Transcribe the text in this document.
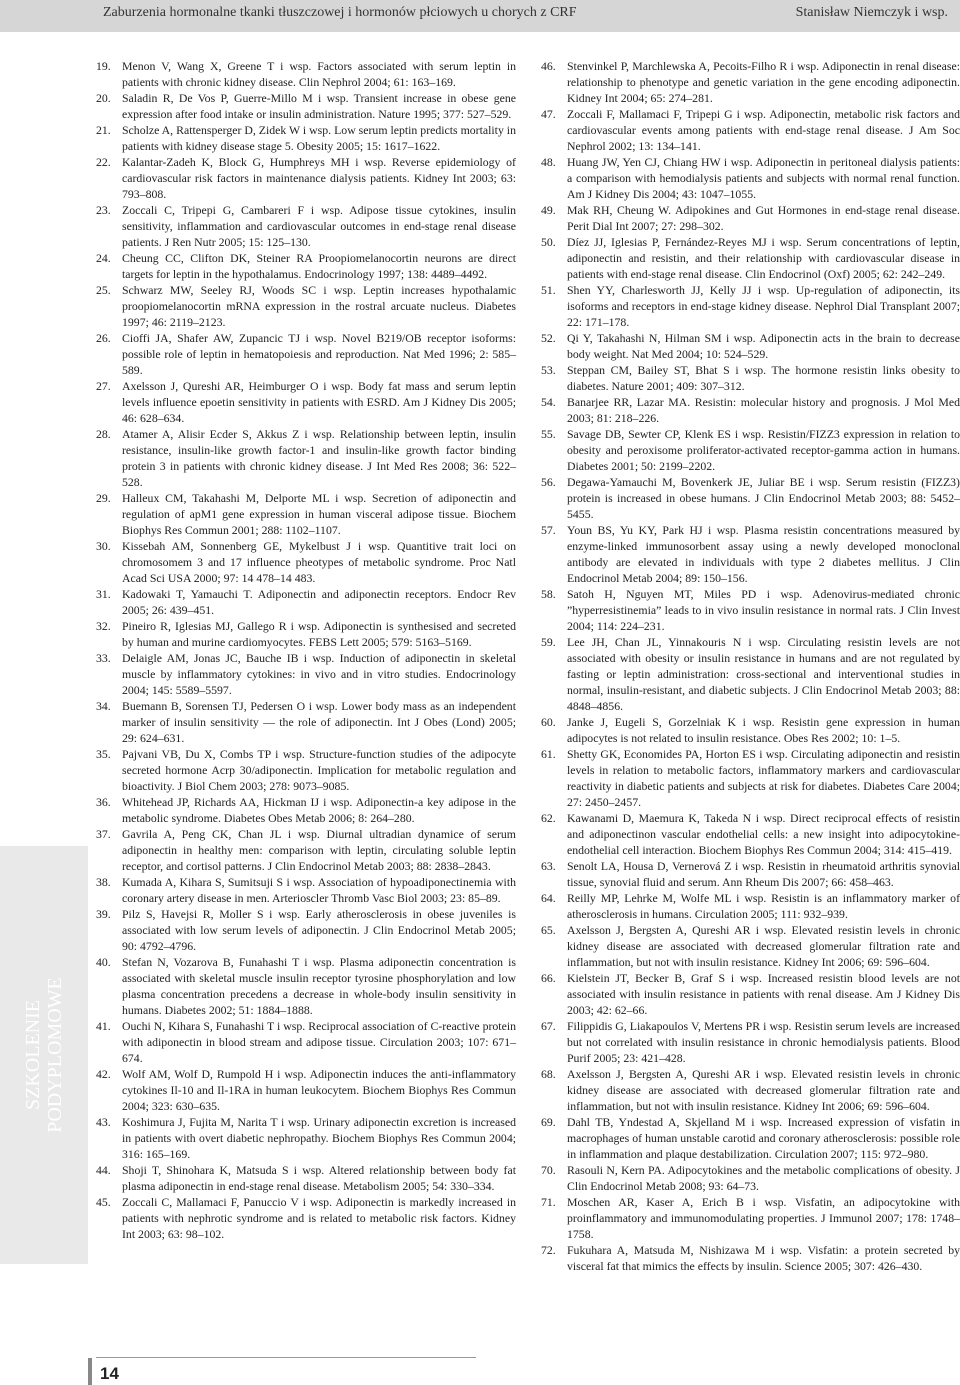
Zaburzenia hormonalne tkanki tłuszczowej i hormonów płciowych u chorych z CRF	Stanisław Niemczyk i wsp.
19. Menon V, Wang X, Greene T i wsp. Factors associated with serum leptin in patients with chronic kidney disease. Clin Nephrol 2004; 61: 163–169.
20. Saladin R, De Vos P, Guerre-Millo M i wsp. Transient increase in obese gene expression after food intake or insulin administration. Nature 1995; 377: 527–529.
21. Scholze A, Rattensperger D, Zidek W i wsp. Low serum leptin predicts mortality in patients with kidney disease stage 5. Obesity 2005; 15: 1617–1622.
22. Kalantar-Zadeh K, Block G, Humphreys MH i wsp. Reverse epidemiology of cardiovascular risk factors in maintenance dialysis patients. Kidney Int 2003; 63: 793–808.
23. Zoccali C, Tripepi G, Cambareri F i wsp. Adipose tissue cytokines, insulin sensitivity, inflammation and cardiovascular outcomes in end-stage renal disease patients. J Ren Nutr 2005; 15: 125–130.
24. Cheung CC, Clifton DK, Steiner RA Proopiomelanocortin neurons are direct targets for leptin in the hypothalamus. Endocrinology 1997; 138: 4489–4492.
25. Schwarz MW, Seeley RJ, Woods SC i wsp. Leptin increases hypothalamic proopiomelanocortin mRNA expression in the rostral arcuate nucleus. Diabetes 1997; 46: 2119–2123.
26. Cioffi JA, Shafer AW, Zupancic TJ i wsp. Novel B219/OB receptor isoforms: possible role of leptin in hematopoiesis and reproduction. Nat Med 1996; 2: 585–589.
27. Axelsson J, Qureshi AR, Heimburger O i wsp. Body fat mass and serum leptin levels influence epoetin sensitivity in patients with ESRD. Am J Kidney Dis 2005; 46: 628–634.
28. Atamer A, Alisir Ecder S, Akkus Z i wsp. Relationship between leptin, insulin resistance, insulin-like growth factor-1 and insulin-like growth factor binding protein 3 in patients with chronic kidney disease. J Int Med Res 2008; 36: 522–528.
29. Halleux CM, Takahashi M, Delporte ML i wsp. Secretion of adiponectin and regulation of apM1 gene expression in human visceral adipose tissue. Biochem Biophys Res Commun 2001; 288: 1102–1107.
30. Kissebah AM, Sonnenberg GE, Mykelbust J i wsp. Quantitive trait loci on chromosomem 3 and 17 influence pheotypes of metabolic syndrome. Proc Natl Acad Sci USA 2000; 97: 14 478–14 483.
31. Kadowaki T, Yamauchi T. Adiponectin and adiponectin receptors. Endocr Rev 2005; 26: 439–451.
32. Pineiro R, Iglesias MJ, Gallego R i wsp. Adiponectin is synthesised and secreted by human and murine cardiomyocytes. FEBS Lett 2005; 579: 5163–5169.
33. Delaigle AM, Jonas JC, Bauche IB i wsp. Induction of adiponectin in skeletal muscle by inflammatory cytokines: in vivo and in vitro studies. Endocrinology 2004; 145: 5589–5597.
34. Buemann B, Sorensen TJ, Pedersen O i wsp. Lower body mass as an independent marker of insulin sensitivity — the role of adiponectin. Int J Obes (Lond) 2005; 29: 624–631.
35. Pajvani VB, Du X, Combs TP i wsp. Structure-function studies of the adipocyte secreted hormone Acrp 30/adiponectin. Implication for metabolic regulation and bioactivity. J Biol Chem 2003; 278: 9073–9085.
36. Whitehead JP, Richards AA, Hickman IJ i wsp. Adiponectin-a key adipose in the metabolic syndrome. Diabetes Obes Metab 2006; 8: 264–280.
37. Gavrila A, Peng CK, Chan JL i wsp. Diurnal ultradian dynamice of serum adiponectin in healthy men: comparison with leptin, circulating soluble leptin receptor, and cortisol patterns. J Clin Endocrinol Metab 2003; 88: 2838–2843.
38. Kumada A, Kihara S, Sumitsuji S i wsp. Association of hypoadiponectinemia with coronary artery disease in men. Arterioscler Thromb Vasc Biol 2003; 23: 85–89.
39. Pilz S, Havejsi R, Moller S i wsp. Early atherosclerosis in obese juveniles is associated with low serum levels of adiponectin. J Clin Endocrinol Metab 2005; 90: 4792–4796.
40. Stefan N, Vozarova B, Funahashi T i wsp. Plasma adiponectin concentration is associated with skeletal muscle insulin receptor tyrosine phosphorylation and low plasma concentration precedens a decrease in whole-body insulin sensitivity in humans. Diabetes 2002; 51: 1884–1888.
41. Ouchi N, Kihara S, Funahashi T i wsp. Reciprocal association of C-reactive protein with adiponectin in blood stream and adipose tissue. Circulation 2003; 107: 671–674.
42. Wolf AM, Wolf D, Rumpold H i wsp. Adiponectin induces the anti-inflammatory cytokines Il-10 and Il-1RA in human leukocytem. Biochem Biophys Res Commun 2004; 323: 630–635.
43. Koshimura J, Fujita M, Narita T i wsp. Urinary adiponectin excretion is increased in patients with overt diabetic nephropathy. Biochem Biophys Res Commun 2004; 316: 165–169.
44. Shoji T, Shinohara K, Matsuda S i wsp. Altered relationship between body fat plasma adiponectin in end-stage renal disease. Metabolism 2005; 54: 330–334.
45. Zoccali C, Mallamaci F, Panuccio V i wsp. Adiponectin is markedly increased in patients with nephrotic syndrome and is related to metabolic risk factors. Kidney Int 2003; 63: 98–102.
46. Stenvinkel P, Marchlewska A, Pecoits-Filho R i wsp. Adiponectin in renal disease: relationship to phenotype and genetic variation in the gene encoding adiponectin. Kidney Int 2004; 65: 274–281.
47. Zoccali F, Mallamaci F, Tripepi G i wsp. Adiponectin, metabolic risk factors and cardiovascular events among patients with end-stage renal disease. J Am Soc Nephrol 2002; 13: 134–141.
48. Huang JW, Yen CJ, Chiang HW i wsp. Adiponectin in peritoneal dialysis patients: a comparison with hemodialysis patients and subjects with normal renal function. Am J Kidney Dis 2004; 43: 1047–1055.
49. Mak RH, Cheung W. Adipokines and Gut Hormones in end-stage renal disease. Perit Dial Int 2007; 27: 298–302.
50. Díez JJ, Iglesias P, Fernández-Reyes MJ i wsp. Serum concentrations of leptin, adiponectin and resistin, and their relationship with cardiovascular disease in patients with end-stage renal disease. Clin Endocrinol (Oxf) 2005; 62: 242–249.
51. Shen YY, Charlesworth JJ, Kelly JJ i wsp. Up-regulation of adiponectin, its isoforms and receptors in end-stage kidney disease. Nephrol Dial Transplant 2007; 22: 171–178.
52. Qi Y, Takahashi N, Hilman SM i wsp. Adiponectin acts in the brain to decrease body weight. Nat Med 2004; 10: 524–529.
53. Steppan CM, Bailey ST, Bhat S i wsp. The hormone resistin links obesity to diabetes. Nature 2001; 409: 307–312.
54. Banarjee RR, Lazar MA. Resistin: molecular history and prognosis. J Mol Med 2003; 81: 218–226.
55. Savage DB, Sewter CP, Klenk ES i wsp. Resistin/FIZZ3 expression in relation to obesity and peroxisome proliferator-activated receptor-gamma action in humans. Diabetes 2001; 50: 2199–2202.
56. Degawa-Yamauchi M, Bovenkerk JE, Juliar BE i wsp. Serum resistin (FIZZ3) protein is increased in obese humans. J Clin Endocrinol Metab 2003; 88: 5452–5455.
57. Youn BS, Yu KY, Park HJ i wsp. Plasma resistin concentrations measured by enzyme-linked immunosorbent assay using a newly developed monoclonal antibody are elevated in individuals with type 2 diabetes mellitus. J Clin Endocrinol Metab 2004; 89: 150–156.
58. Satoh H, Nguyen MT, Miles PD i wsp. Adenovirus-mediated chronic ”hyperresistinemia” leads to in vivo insulin resistance in normal rats. J Clin Invest 2004; 114: 224–231.
59. Lee JH, Chan JL, Yinnakouris N i wsp. Circulating resistin levels are not associated with obesity or insulin resistance in humans and are not regulated by fasting or leptin administration: cross-sectional and interventional studies in normal, insulin-resistant, and diabetic subjects. J Clin Endocrinol Metab 2003; 88: 4848–4856.
60. Janke J, Eugeli S, Gorzelniak K i wsp. Resistin gene expression in human adipocytes is not related to insulin resistance. Obes Res 2002; 10: 1–5.
61. Shetty GK, Economides PA, Horton ES i wsp. Circulating adiponectin and resistin levels in relation to metabolic factors, inflammatory markers and cardiovascular reactivity in diabetic patients and subjects at risk for diabetes. Diabetes Care 2004; 27: 2450–2457.
62. Kawanami D, Maemura K, Takeda N i wsp. Direct reciprocal effects of resistin and adiponectinon vascular endothelial cells: a new insight into adipocytokine-endothelial cell interaction. Biochem Biophys Res Commun 2004; 314: 415–419.
63. Senolt LA, Housa D, Vernerová Z i wsp. Resistin in rheumatoid arthritis synovial tissue, synovial fluid and serum. Ann Rheum Dis 2007; 66: 458–463.
64. Reilly MP, Lehrke M, Wolfe ML i wsp. Resistin is an inflammatory marker of atherosclerosis in humans. Circulation 2005; 111: 932–939.
65. Axelsson J, Bergsten A, Qureshi AR i wsp. Elevated resistin levels in chronic kidney disease are associated with decreased glomerular filtration rate and inflammation, but not with insulin resistance. Kidney Int 2006; 69: 596–604.
66. Kielstein JT, Becker B, Graf S i wsp. Increased resistin blood levels are not associated with insulin resistance in patients with renal disease. Am J Kidney Dis 2003; 42: 62–66.
67. Filippidis G, Liakapoulos V, Mertens PR i wsp. Resistin serum levels are increased but not correlated with insulin resistance in chronic hemodialysis patients. Blood Purif 2005; 23: 421–428.
68. Axelsson J, Bergsten A, Qureshi AR i wsp. Elevated resistin levels in chronic kidney disease are associated with decreased glomerular filtration rate and inflammation, but not with insulin resistance. Kidney Int 2006; 69: 596–604.
69. Dahl TB, Yndestad A, Skjelland M i wsp. Increased expression of visfatin in macrophages of human unstable carotid and coronary atherosclerosis: possible role in inflammation and plaque destabilization. Circulation 2007; 115: 972–980.
70. Rasouli N, Kern PA. Adipocytokines and the metabolic complications of obesity. J Clin Endocrinol Metab 2008; 93: 64–73.
71. Moschen AR, Kaser A, Erich B i wsp. Visfatin, an adipocytokine with proinflammatory and immunomodulating properties. J Immunol 2007; 178: 1748–1758.
72. Fukuhara A, Matsuda M, Nishizawa M i wsp. Visfatin: a protein secreted by visceral fat that mimics the effects by insulin. Science 2005; 307: 426–430.
SZKOLENIE PODYPLOMOWE
14
